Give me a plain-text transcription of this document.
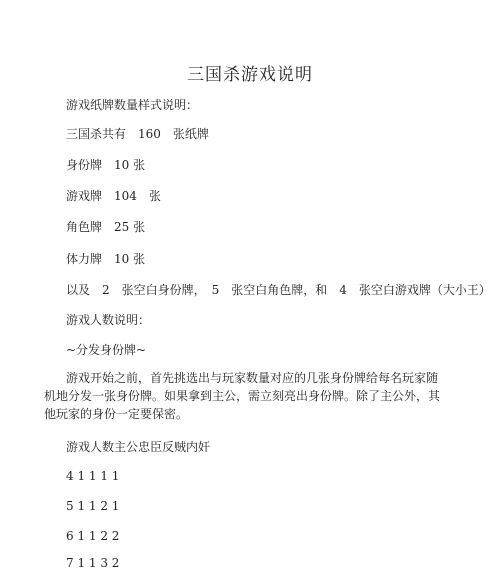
三国杀游戏说明
游戏纸牌数量样式说明：
三国杀共有　160　张纸牌
身份牌　10 张
游戏牌　104　张
角色牌　25 张
体力牌　10 张
以及　2　张空白身份牌，　5　张空白角色牌，和　4　张空白游戏牌（大小王）
游戏人数说明：
~分发身份牌~
游戏开始之前，首先挑选出与玩家数量对应的几张身份牌给每名玩家随机地分发一张身份牌。如果拿到主公，需立刻亮出身份牌。除了主公外，其他玩家的身份一定要保密。
游戏人数主公忠臣反贼内奸
4 1 1 1 1
5 1 1 2 1
6 1 1 2 2
7 1 1 3 2
